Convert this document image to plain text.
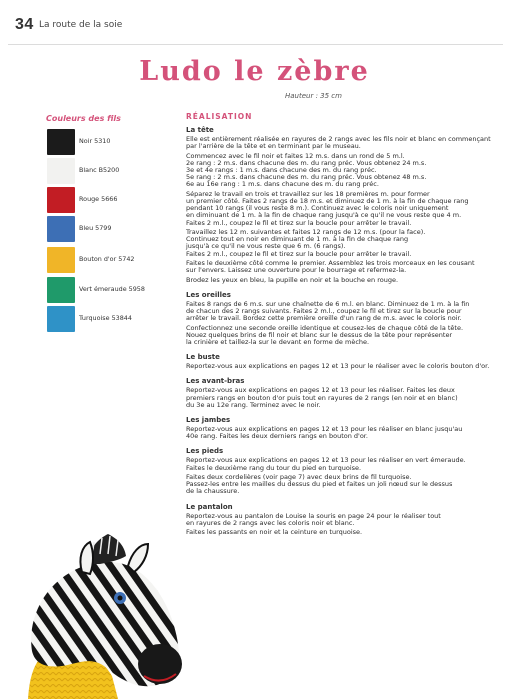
34 La route de la soie
Ludo le zèbre
Hauteur : 35 cm
Couleurs des fils
Noir 5310
Blanc B5200
Rouge 5666
Bleu 5799
Bouton d'or 5742
Vert émeraude 5958
Turquoise 53844
RÉALISATION
La tête

Elle est entièrement réalisée en rayures de 2 rangs avec les fils noir et blanc en commençant
par l'arrière de la tête et en terminant par le museau.

Commencez avec le fil noir et faites 12 m.s. dans un rond de 5 m.l.
2e rang : 2 m.s. dans chacune des m. du rang préc. Vous obtenez 24 m.s.
3e et 4e rangs : 1 m.s. dans chacune des m. du rang préc.
5e rang : 2 m.s. dans chacune des m. du rang préc. Vous obtenez 48 m.s.
6e au 16e rang : 1 m.s. dans chacune des m. du rang préc.

Séparez le travail en trois et travaillez sur les 18 premières m. pour former
un premier côté. Faites 2 rangs de 18 m.s. et diminuez de 1 m. à la fin de chaque rang
pendant 10 rangs (il vous reste 8 m.). Continuez avec le coloris noir uniquement
en diminuant de 1 m. à la fin de chaque rang jusqu'à ce qu'il ne vous reste que 4 m.
Faites 2 m.l., coupez le fil et tirez sur la boucle pour arrêter le travail.

Travaillez les 12 m. suivantes et faites 12 rangs de 12 m.s. (pour la face).
Continuez tout en noir en diminuant de 1 m. à la fin de chaque rang
jusqu'à ce qu'il ne vous reste que 6 m. (6 rangs).
Faites 2 m.l., coupez le fil et tirez sur la boucle pour arrêter le travail.

Faites le deuxième côté comme le premier. Assemblez les trois morceaux en les cousant
sur l'envers. Laissez une ouverture pour le bourrage et refermez-la.

Brodez les yeux en bleu, la pupille en noir et la bouche en rouge.

Les oreilles

Faites 8 rangs de 6 m.s. sur une chaînette de 6 m.l. en blanc. Diminuez de 1 m. à la fin
de chacun des 2 rangs suivants. Faites 2 m.l., coupez le fil et tirez sur la boucle pour
arrêter le travail. Bordez cette première oreille d'un rang de m.s. avec le coloris noir.

Confectionnez une seconde oreille identique et cousez-les de chaque côté de la tête.
Nouez quelques brins de fil noir et blanc sur le dessus de la tête pour représenter
la crinière et taillez-la sur le devant en forme de mèche.

Le buste

Reportez-vous aux explications en pages 12 et 13 pour le réaliser avec le coloris bouton d'or.

Les avant-bras

Reportez-vous aux explications en pages 12 et 13 pour les réaliser. Faites les deux
premiers rangs en bouton d'or puis tout en rayures de 2 rangs (en noir et en blanc)
du 3e au 12e rang. Terminez avec le noir.

Les jambes

Reportez-vous aux explications en pages 12 et 13 pour les réaliser en blanc jusqu'au
40e rang. Faites les deux derniers rangs en bouton d'or.

Les pieds

Reportez-vous aux explications en pages 12 et 13 pour les réaliser en vert émeraude.
Faites le deuxième rang du tour du pied en turquoise.

Faites deux cordelières (voir page 7) avec deux brins de fil turquoise.
Passez-les entre les mailles du dessus du pied et faites un joli nœud sur le dessus
de la chaussure.

Le pantalon

Reportez-vous au pantalon de Louise la souris en page 24 pour le réaliser tout
en rayures de 2 rangs avec les coloris noir et blanc.

Faites les passants en noir et la ceinture en turquoise.
